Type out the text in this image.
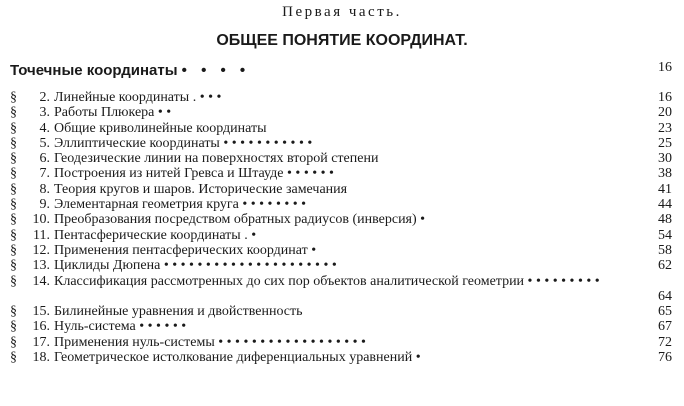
Первая часть.
ОБЩЕЕ ПОНЯТИЕ КООРДИНАТ.
Точечные координаты • • • •	16
§	2. Линейные координаты . • • •	16
§	3. Работы Плюкера • •	20
§	4. Общие криволинейные координаты	23
§	5. Эллиптические координаты • • • • • • • • • • •	25
§	6. Геодезические линии на поверхностях второй степени	30
§	7. Построения из нитей Гревса и Штауде • • • • • •	38
§	8. Теория кругов и шаров. Исторические замечания	41
§	9. Элементарная геометрия круга • • • • • • • •	44
§	10. Преобразования посредством обратных радиусов (инверсия) •	48
§	11. Пентасферические координаты . •	54
§	12. Применения пентасферических координат •	58
§	13. Циклиды Дюпена • • • • • • • • • • • • • • • • • • • • •	62
§	14. Классификация рассмотренных до сих пор объектов аналитической геометрии • • • • • • • • •
64
§	15. Билинейные уравнения и двойственность	65
§	16. Нуль-система • • • • • •	67
§	17. Применения нуль-системы • • • • • • • • • • • • • • • • • •	72
§	18. Геометрическое истолкование диференциальных уравнений •	76
